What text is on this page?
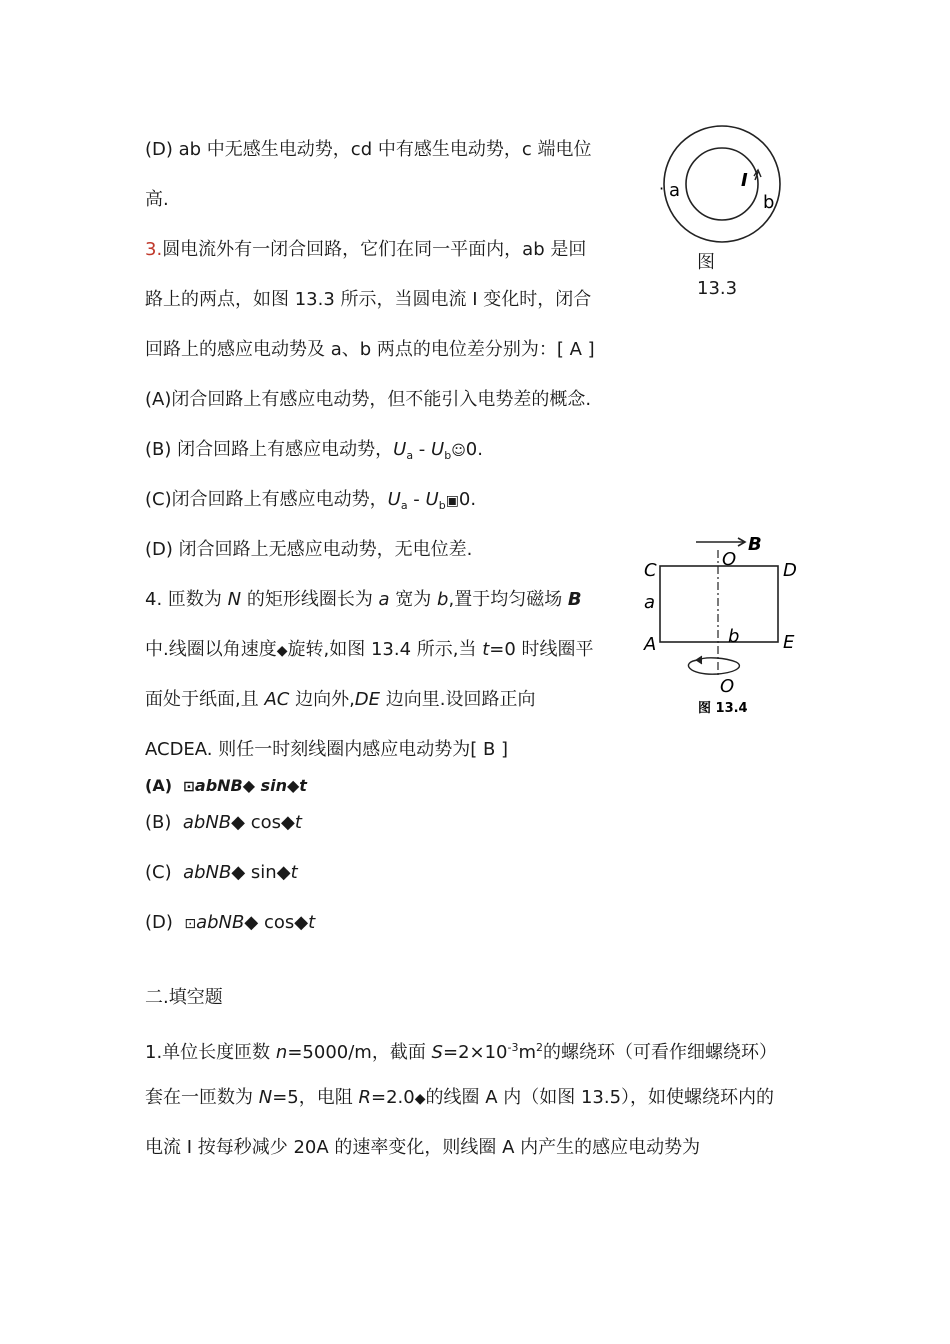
(D) ab 中无感生电动势，cd 中有感生电动势，c 端电位
高.
3.圆电流外有一闭合回路，它们在同一平面内，ab 是回
路上的两点，如图 13.3 所示，当圆电流 I 变化时，闭合
回路上的感应电动势及 a、b 两点的电位差分别为：[ A ]
(A)闭合回路上有感应电动势，但不能引入电势差的概念.
(B) 闭合回路上有感应电动势，$U_a$ - $U_b☺0$.
(C)闭合回路上有感应电动势，$U_a$ - $U_b▣0$.
(D) 闭合回路上无感应电动势，无电位差.
4. 匝数为 N 的矩形线圈长为 a 宽为 b,置于均匀磁场 B
中.线圈以角速度◆旋转,如图 13.4 所示,当 t=0 时线圈平
面处于纸面,且 AC 边向外,DE 边向里.设回路正向
ACDEA. 则任一时刻线圈内感应电动势为[ B ]
(A) ⊡abNB◆ sin◆t
(B) abNB◆ cos◆t
(C) abNB◆ sin◆t
(D) ⊡abNB◆ cos◆t
二.填空题
1.单位长度匝数 n=5000/m，截面 $S=2\times 10^{-3}m^2$的螺绕环（可看作细螺绕环）
套在一匝数为 N=5，电阻 R=2.0◆的线圈 A 内（如图 13.5），如使螺绕环内的
电流 I 按每秒减少 20A 的速率变化，则线圈 A 内产生的感应电动势为
· a	I
b
图
13.3
B
O
C	D
a
A	b E
O
图 13.4
